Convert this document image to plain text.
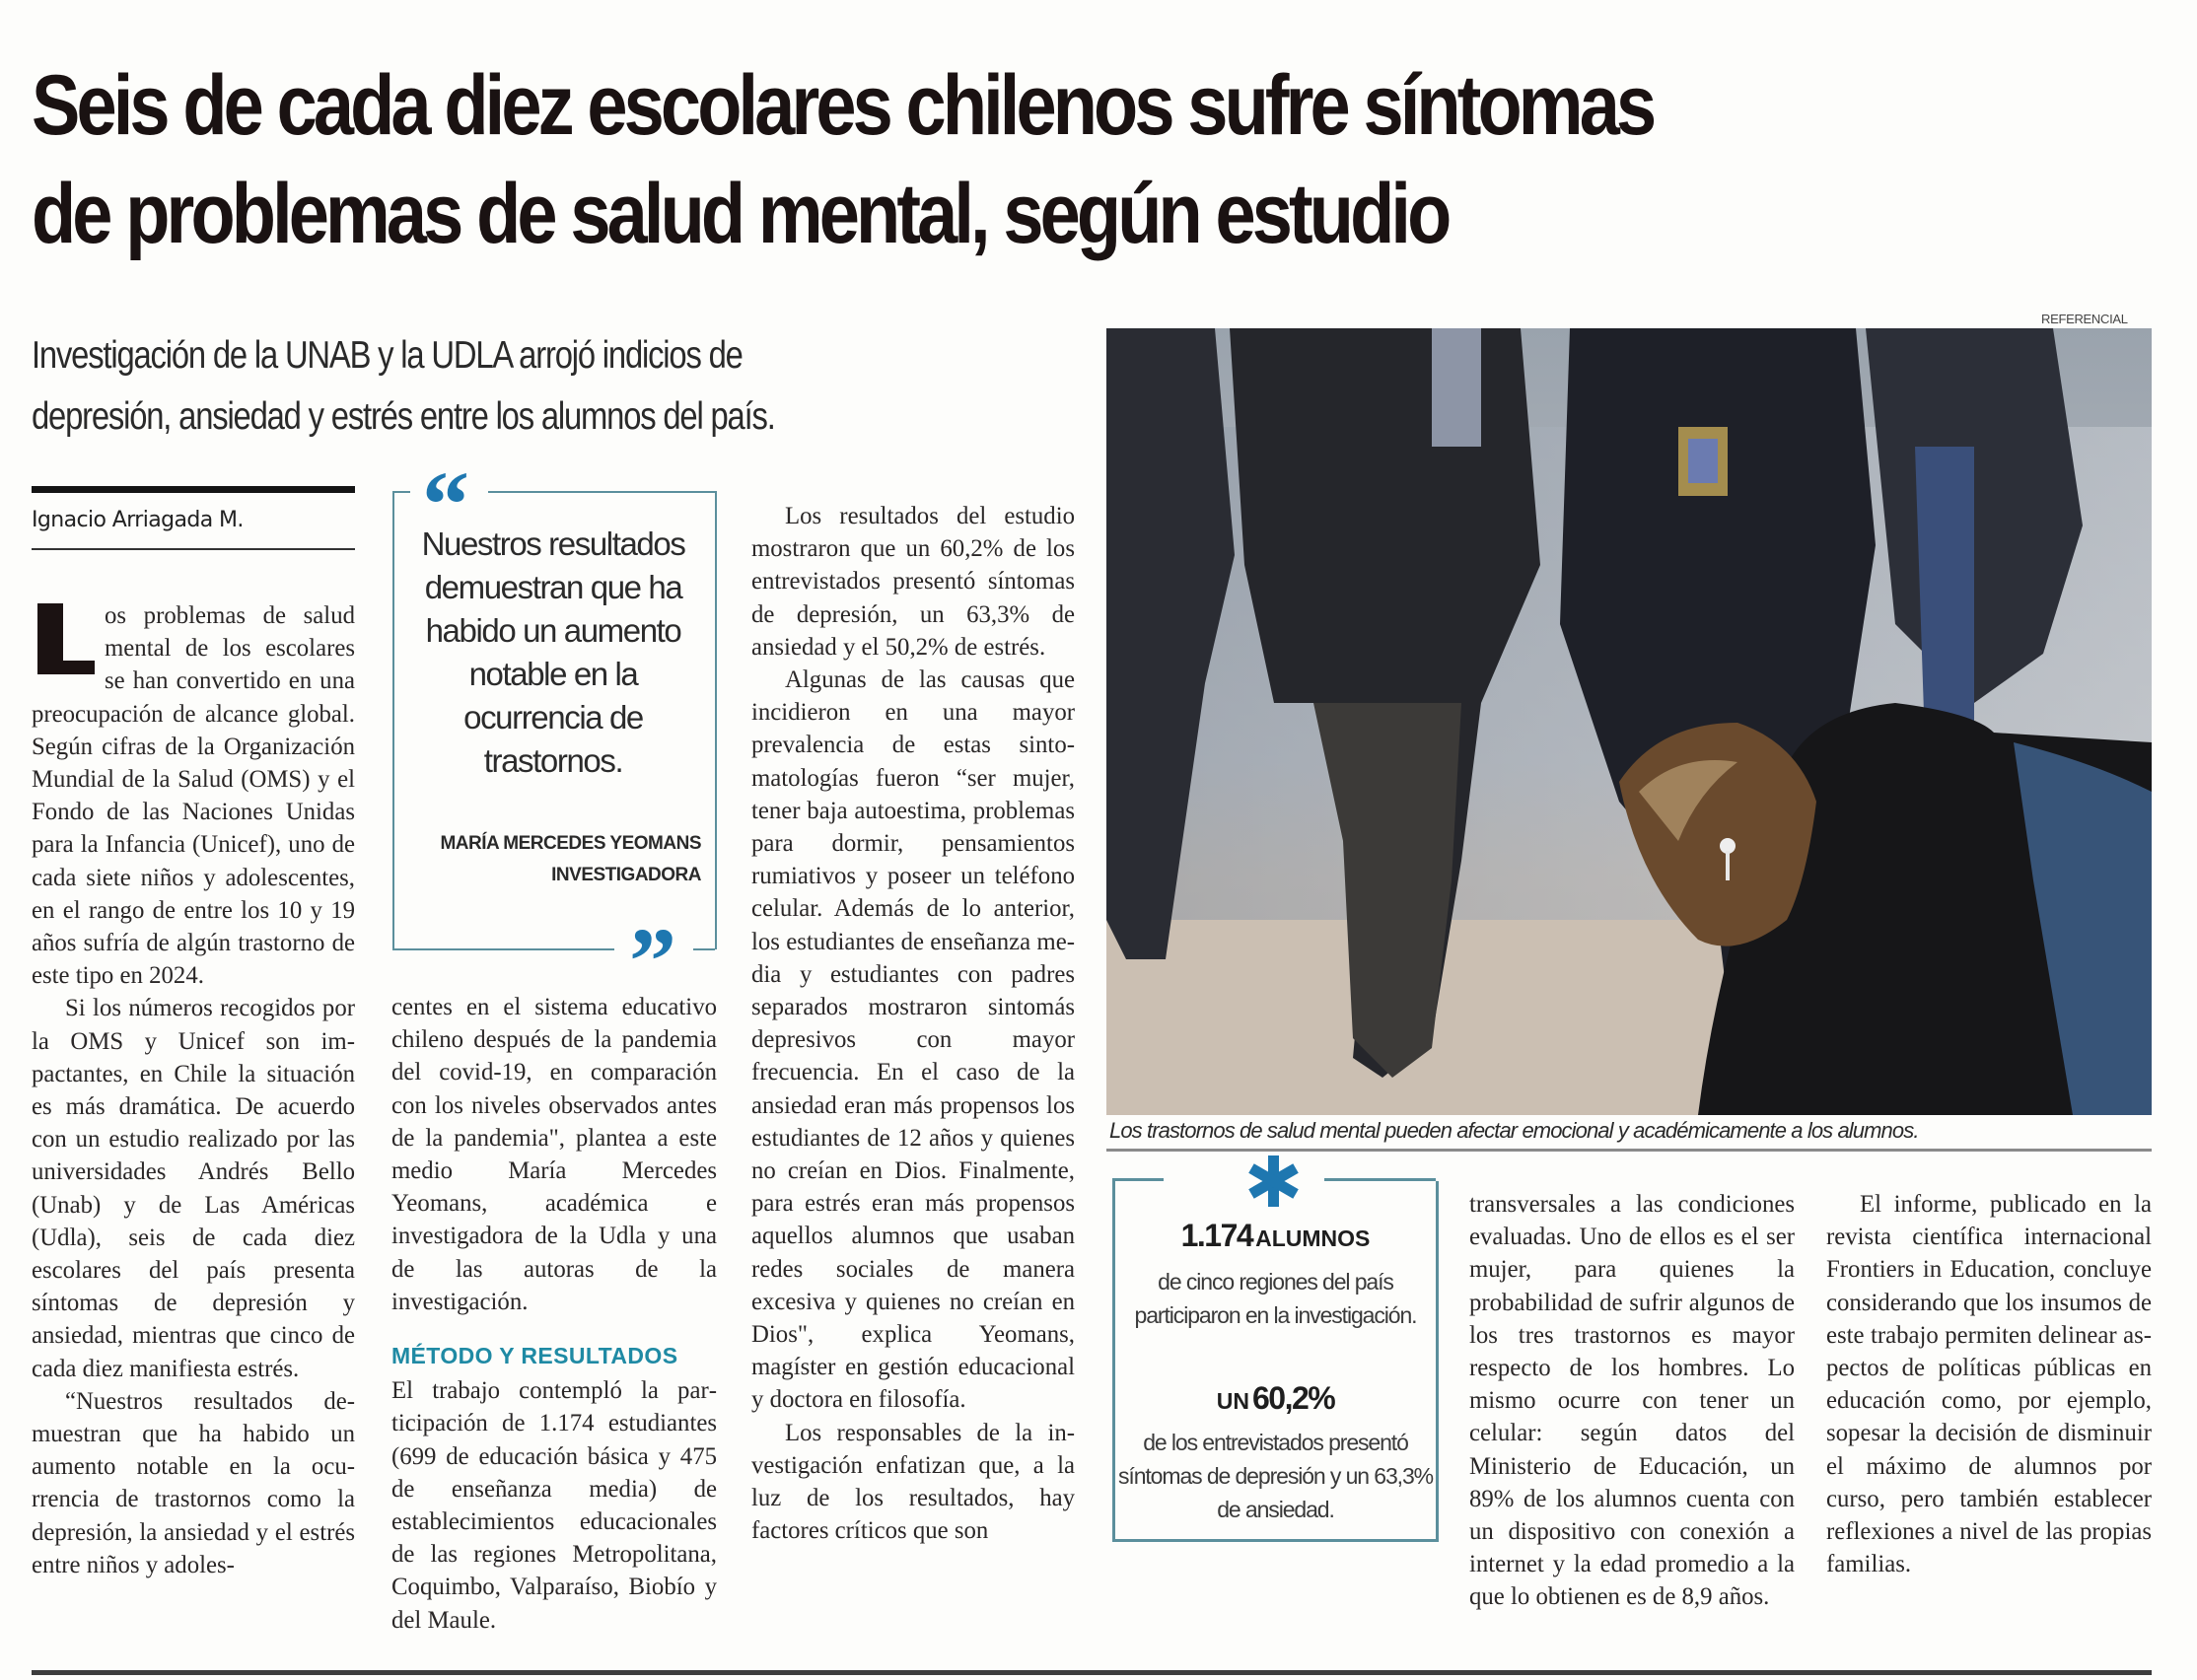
Seis de cada diez escolares chilenos sufre síntomas
de problemas de salud mental, según estudio
Investigación de la UNAB y la UDLA arrojó indicios de
depresión, ansiedad y estrés entre los alumnos del país.
Ignacio Arriagada M.

os problemas de salud mental de los escolares se han convertido en una preocupación de alcance global. Según cifras de la Organización Mundial de la Salud (OMS) y el Fondo de las Naciones Unidas para la Infancia (Unicef), uno de cada siete niños y adolescentes, en el rango de entre los 10 y 19 años sufría de algún trastorno de este tipo en 2024.

Si los números recogidos por la OMS y Unicef son impactantes, en Chile la situación es más dramática. De acuerdo con un estudio realizado por las universidades Andrés Bello (Unab) y de Las Américas (Udla), seis de cada diez escolares del país presenta síntomas de depresión y ansiedad, mientras que cinco de cada diez manifiesta estrés.

“Nuestros resultados demuestran que ha habido un aumento notable en la ocurrencia de trastornos como la depresión, la ansiedad y el estrés entre niños y adoles-

“
”
Nuestros resultados demuestran que ha habido un aumento notable en la ocurrencia de trastornos.
MARÍA MERCEDES YEOMANS
INVESTIGADORA

centes en el sistema educativo chileno después de la pandemia del covid-19, en comparación con los niveles observados antes de la pandemia", plantea a este medio María Mercedes Yeomans, académica e investigadora de la Udla y una de las autoras de la investigación.

MÉTODO Y RESULTADOS

El trabajo contempló la participación de 1.174 estudiantes (699 de educación básica y 475 de enseñanza media) de establecimientos educacionales de las regiones Metropolitana, Coquimbo, Valparaíso, Biobío y del Maule.

Los resultados del estudio mostraron que un 60,2% de los entrevistados presentó síntomas de depresión, un 63,3% de ansiedad y el 50,2% de estrés.

Algunas de las causas que incidieron en una mayor prevalencia de estas sintomatologías fueron “ser mujer, tener baja autoestima, problemas para dormir, pensamientos rumiativos y poseer un teléfono celular. Además de lo anterior, los estudiantes de enseñanza media y estudiantes con padres separados mostraron sintomás depresivos con mayor frecuencia. En el caso de la ansiedad eran más propensos los estudiantes de 12 años y quienes no creían en Dios. Finalmente, para estrés eran más propensos aquellos alumnos que usaban redes sociales de manera excesiva y quienes no creían en Dios", explica Yeomans, magíster en gestión educacional y doctora en filosofía.

Los responsables de la investigación enfatizan que, a la luz de los resultados, hay factores críticos que son

REFERENCIAL
Los trastornos de salud mental pueden afectar emocional y académicamente a los alumnos.
1.174 ALUMNOS
de cinco regiones del país participaron en la investigación.
UN 60,2%
de los entrevistados presentó síntomas de depresión y un 63,3% de ansiedad.

transversales a las condiciones evaluadas. Uno de ellos es el ser mujer, para quienes la probabilidad de sufrir algunos de los tres trastornos es mayor respecto de los hombres. Lo mismo ocurre con tener un celular: según datos del Ministerio de Educación, un 89% de los alumnos cuenta con un dispositivo con conexión a internet y la edad promedio a la que lo obtienen es de 8,9 años.

El informe, publicado en la revista científica internacional Frontiers in Education, concluye considerando que los insumos de este trabajo permiten delinear aspectos de políticas públicas en educación como, por ejemplo, sopesar la decisión de disminuir el máximo de alumnos por curso, pero también establecer reflexiones a nivel de las propias familias.
